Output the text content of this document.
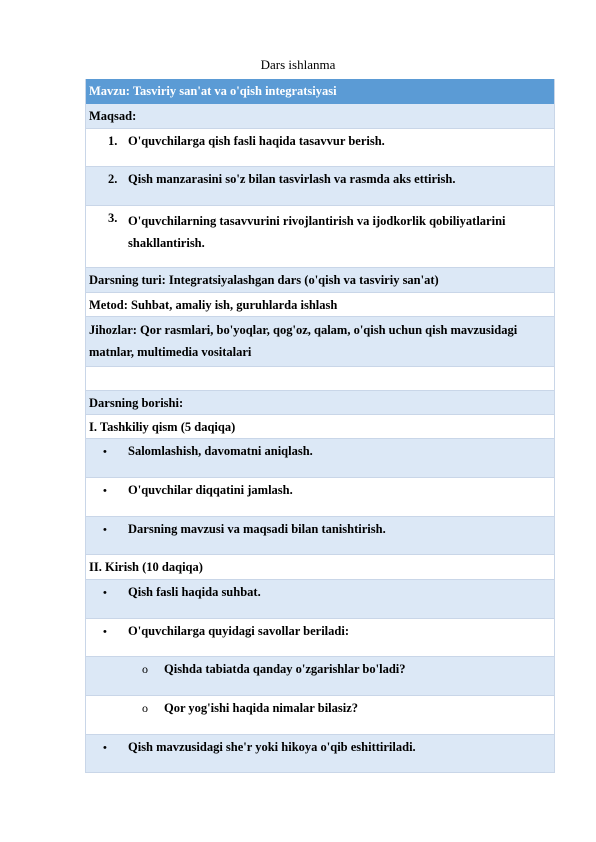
Dars ishlanma
Mavzu: Tasviriy san'at va o'qish integratsiyasi
Maqsad:
1. O'quvchilarga qish fasli haqida tasavvur berish.
2. Qish manzarasini so'z bilan tasvirlash va rasmda aks ettirish.
3. O'quvchilarning tasavvurini rivojlantirish va ijodkorlik qobiliyatlarini shakllantirish.
Darsning turi: Integratsiyalashgan dars (o'qish va tasviriy san'at)
Metod: Suhbat, amaliy ish, guruhlarda ishlash
Jihozlar: Qor rasmlari, bo'yoqlar, qog'oz, qalam, o'qish uchun qish mavzusidagi matnlar, multimedia vositalari
Darsning borishi:
I. Tashkiliy qism (5 daqiqa)
• Salomlashish, davomatni aniqlash.
• O'quvchilar diqqatini jamlash.
• Darsning mavzusi va maqsadi bilan tanishtirish.
II. Kirish (10 daqiqa)
• Qish fasli haqida suhbat.
• O'quvchilarga quyidagi savollar beriladi:
o Qishda tabiatda qanday o'zgarishlar bo'ladi?
o Qor yog'ishi haqida nimalar bilasiz?
• Qish mavzusidagi she'r yoki hikoya o'qib eshittiriladi.
